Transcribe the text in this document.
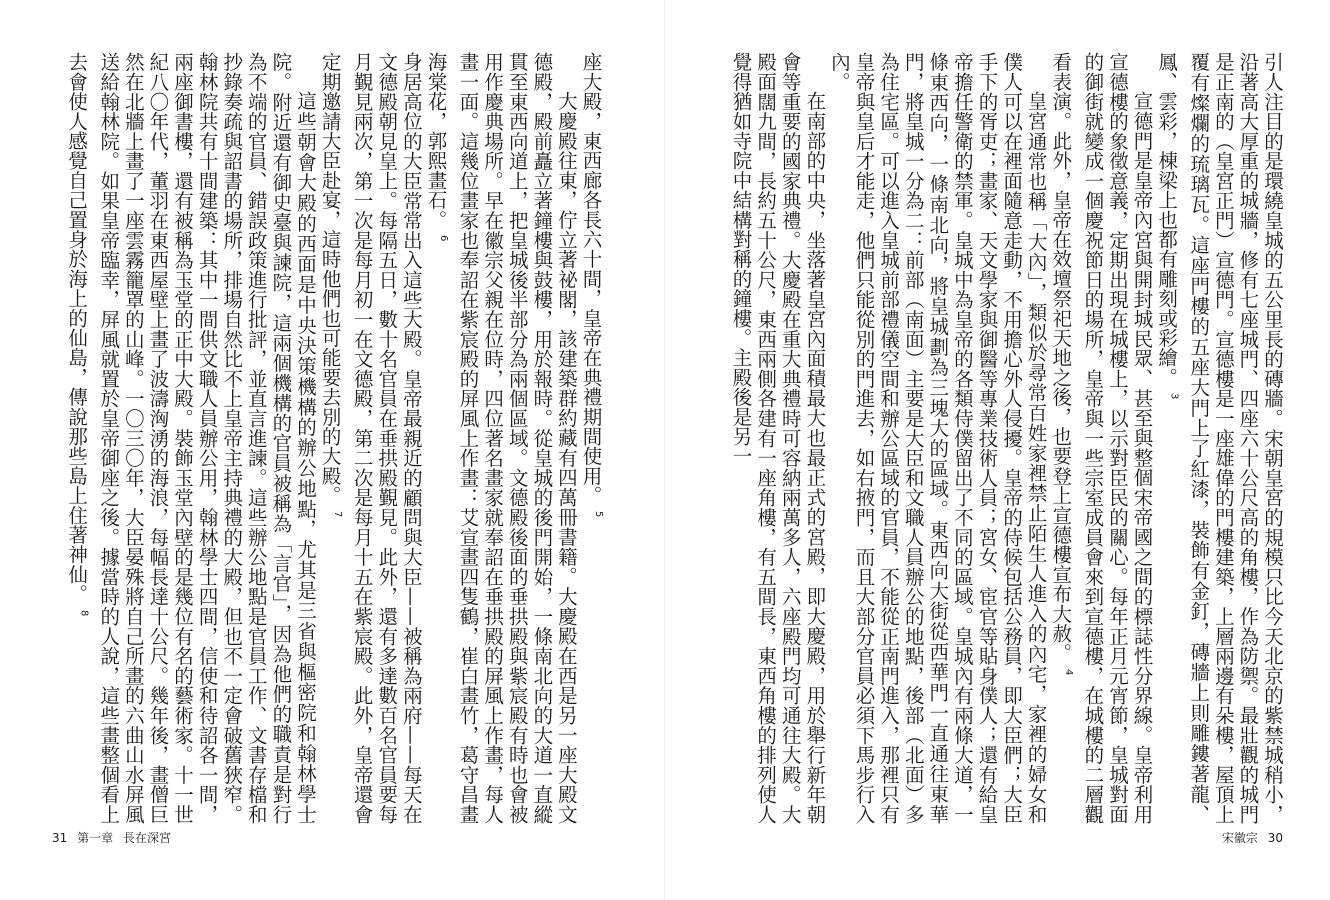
座大殿，東西廊各長六十間，皇帝在典禮期間使用。$^5$

大慶殿往東，佇立著祕閣，該建築群約藏有四萬冊書籍。大慶殿在西是另一座大殿文德殿，殿前矗立著鐘樓與鼓樓，用於報時。從皇城的後門開始，一條南北向的大道一直縱貫至東西向道上，把皇城後半部分為兩個區域。文德殿後面的垂拱殿與紫宸殿有時也會被用作慶典場所。早在徽宗父親在位時，四位著名畫家就奉詔在垂拱殿的屏風上作畫，每人畫一面。這幾位畫家也奉詔在紫宸殿的屏風上作畫：艾宣畫四隻鶴，崔白畫竹，葛守昌畫海棠花，郭熙畫石。$^6$

身居高位的大臣常常出入這些大殿。皇帝最親近的顧問與大臣——被稱為兩府——每天在文德殿朝見皇上。每隔五日，數十名官員在垂拱殿覲見。此外，還有多達數百名官員要每月覲見兩次，第一次是每月初一在文德殿，第二次是每月十五在紫宸殿。此外，皇帝還會定期邀請大臣赴宴，這時他們也可能要去別的大殿。$^7$

這些朝會大殿的西面是中央決策機構的辦公地點，尤其是三省與樞密院和翰林學士院。附近還有御史臺與諫院，這兩個機構的官員被稱為「言官」，因為他們的職責是對行為不端的官員、錯誤政策進行批評，並直言進諫。這些辦公地點是官員工作、文書存檔和抄錄奏疏與詔書的場所，排場自然比不上皇帝主持典禮的大殿，但也不一定會破舊狹窄。翰林院共有十間建築：其中一間供文職人員辦公用，翰林學士四間，信使和待詔各一間，兩座御書樓，還有被稱為玉堂的正中大殿。裝飾玉堂內壁的是幾位有名的藝術家。十一世紀八〇年代，董羽在東西屋壁上畫了波濤洶湧的海浪，每幅長達十公尺。幾年後，畫僧巨然在北牆上畫了一座雲霧籠罩的山峰。一〇三〇年，大臣晏殊將自己所畫的六曲山水屏風送給翰林院。如果皇帝臨幸，屏風就置於皇帝御座之後。據當時的人說，這些畫整個看上去會使人感覺自己置身於海上的仙島，傳說那些島上住著神仙。$^8$

31 第一章 長在深宮

引人注目的是環繞皇城的五公里長的磚牆。宋朝皇宮的規模只比今天北京的紫禁城稍小，沿著高大厚重的城牆，修有七座城門、四座六十公尺高的角樓，作為防禦。最壯觀的城門是正南的（皇宮正門）宣德門。宣德樓是一座雄偉的門樓建築，上層兩邊有朵樓，屋頂上覆有燦爛的琉璃瓦。這座門樓的五座大門上了紅漆，裝飾有金釘，磚牆上則雕鏤著龍、鳳、雲彩，棟梁上也都有雕刻或彩繪。$^3$

宣德門是皇帝內宮與開封城民眾、甚至與整個宋帝國之間的標誌性分界線。皇帝利用宣德樓的象徵意義，定期出現在城樓上，以示對臣民的關心。每年正月元宵節，皇城對面的御街就變成一個慶祝節日的場所，皇帝與一些宗室成員會來到宣德樓，在城樓的二層觀看表演。此外，皇帝在效壇祭祀天地之後，也要登上宣德樓宣布大赦。$^4$

皇宮通常也稱「大內」，類似於尋常百姓家裡禁止陌生人進入的內宅，家裡的婦女和僕人可以在裡面隨意走動，不用擔心外人侵擾。皇帝的侍候包括公務員，即大臣們；大臣手下的胥吏；畫家、天文學家與御醫等專業技術人員；宮女、宦官等貼身僕人；還有給皇帝擔任警衛的禁軍。皇城中為皇帝的各類侍僕留出了不同的區域。皇城內有兩條大道，一條東西向，一條南北向，將皇城劃為三塊大的區域。東西向大街從西華門一直通往東華門，將皇城一分為二：前部（南面）主要是大臣和文職人員辦公的地點，後部（北面）多為住宅區。可以進入皇城前部禮儀空間和辦公區域的官員，不能從正南門進入，那裡只有皇帝與皇后才能走，他們只能從別的門進去，如右掖門，而且大部分官員必須下馬步行入內。

在南部的中央，坐落著皇宮內面積最大也最正式的宮殿，即大慶殿，用於舉行新年朝會等重要的國家典禮。大慶殿在重大典禮時可容納兩萬多人，六座殿門均可通往大殿。大殿面闊九間，長約五十公尺，東西兩側各建有一座角樓，有五間長，東西角樓的排列使人覺得猶如寺院中結構對稱的鐘樓。主殿後是另一

宋徽宗 30
